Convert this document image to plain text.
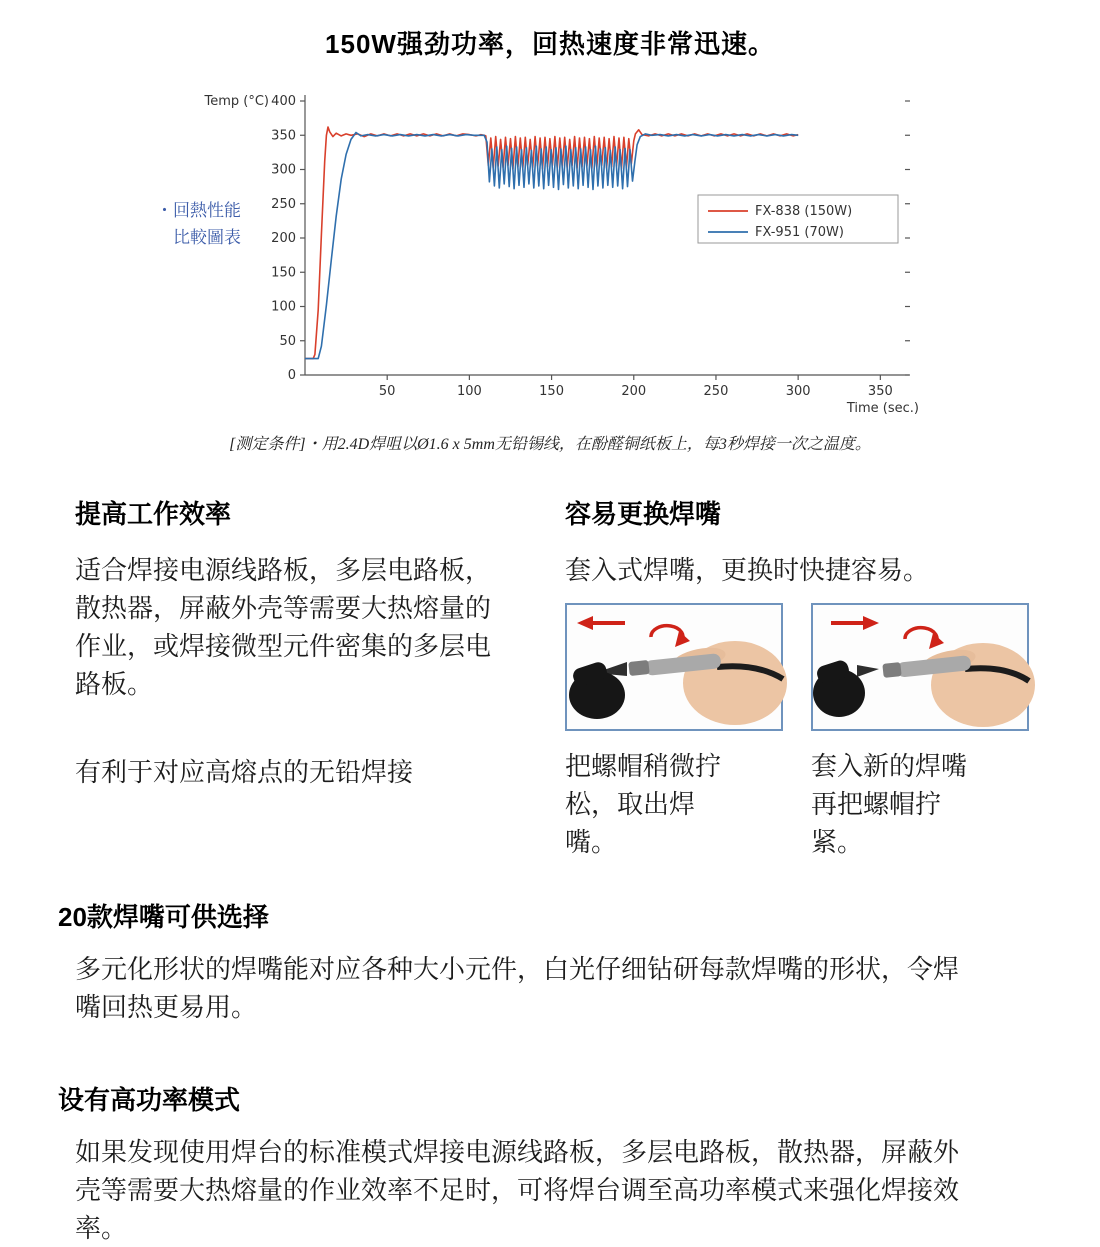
150W强劲功率，回热速度非常迅速。
・回熱性能
比較圖表
0
50
100
150
200
250
300
350
400
50	100	150	200	250	300	350
Temp (°C)
Time (sec.)
FX-838 (150W)
FX-951 (70W)
[测定条件]・用2.4D焊咀以Ø1.6 x 5mm无铅锡线，在酚醛铜纸板上，每3秒焊接一次之温度。
提高工作效率

适合焊接电源线路板，多层电路板，散热器，屏蔽外壳等需要大热熔量的作业，或焊接微型元件密集的多层电路板。

有利于对应高熔点的无铅焊接

容易更换焊嘴

套入式焊嘴，更换时快捷容易。

把螺帽稍微拧松，取出焊嘴。

套入新的焊嘴再把螺帽拧紧。

20款焊嘴可供选择

多元化形状的焊嘴能对应各种大小元件，白光仔细钻研每款焊嘴的形状，令焊嘴回热更易用。

设有高功率模式

如果发现使用焊台的标准模式焊接电源线路板，多层电路板，散热器，屏蔽外壳等需要大热熔量的作业效率不足时，可将焊台调至高功率模式来强化焊接效率。
